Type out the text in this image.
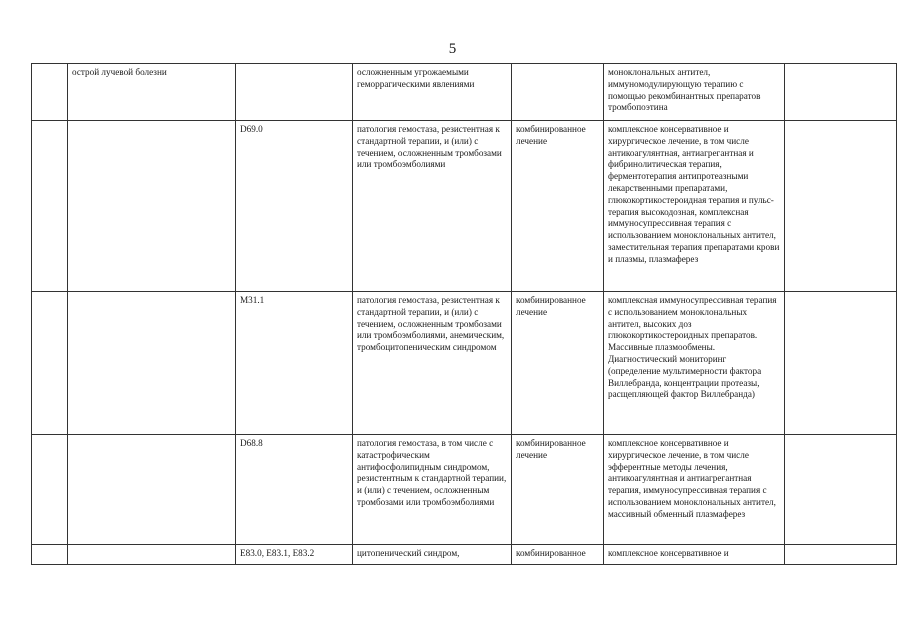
5
	острой лучевой болезни		осложненным угрожаемыми геморрагическими явлениями		моноклональных антител, иммуномодулирующую терапию с помощью рекомбинантных препаратов тромбопоэтина	
		D69.0	патология гемостаза, резистентная к стандартной терапии, и (или) с течением, осложненным тромбозами или тромбоэмболиями	комбинированное лечение	комплексное консервативное и хирургическое лечение, в том числе антикоагулянтная, антиагрегантная и фибринолитическая терапия, ферментотерапия антипротеазными лекарственными препаратами, глюкокортикостероидная терапия и пульс-терапия высокодозная, комплексная иммуносупрессивная терапия с использованием моноклональных антител, заместительная терапия препаратами крови и плазмы, плазмаферез	
		М31.1	патология гемостаза, резистентная к стандартной терапии, и (или) с течением, осложненным тромбозами или тромбоэмболиями, анемическим, тромбоцитопеническим синдромом	комбинированное лечение	комплексная иммуносупрессивная терапия с использованием моноклональных антител, высоких доз глюкокортикостероидных препаратов. Массивные плазмообмены. Диагностический мониторинг (определение мультимерности фактора Виллебранда, концентрации протеазы, расщепляющей фактор Виллебранда)	
		D68.8	патология гемостаза, в том числе с катастрофическим антифосфолипидным синдромом, резистентным к стандартной терапии, и (или) с течением, осложненным тромбозами или тромбоэмболиями	комбинированное лечение	комплексное консервативное и хирургическое лечение, в том числе эфферентные методы лечения, антикоагулянтная и антиагрегантная терапия, иммуносупрессивная терапия с использованием моноклональных антител, массивный обменный плазмаферез	
		Е83.0, Е83.1, Е83.2	цитопенический синдром,	комбинированное	комплексное консервативное и	
